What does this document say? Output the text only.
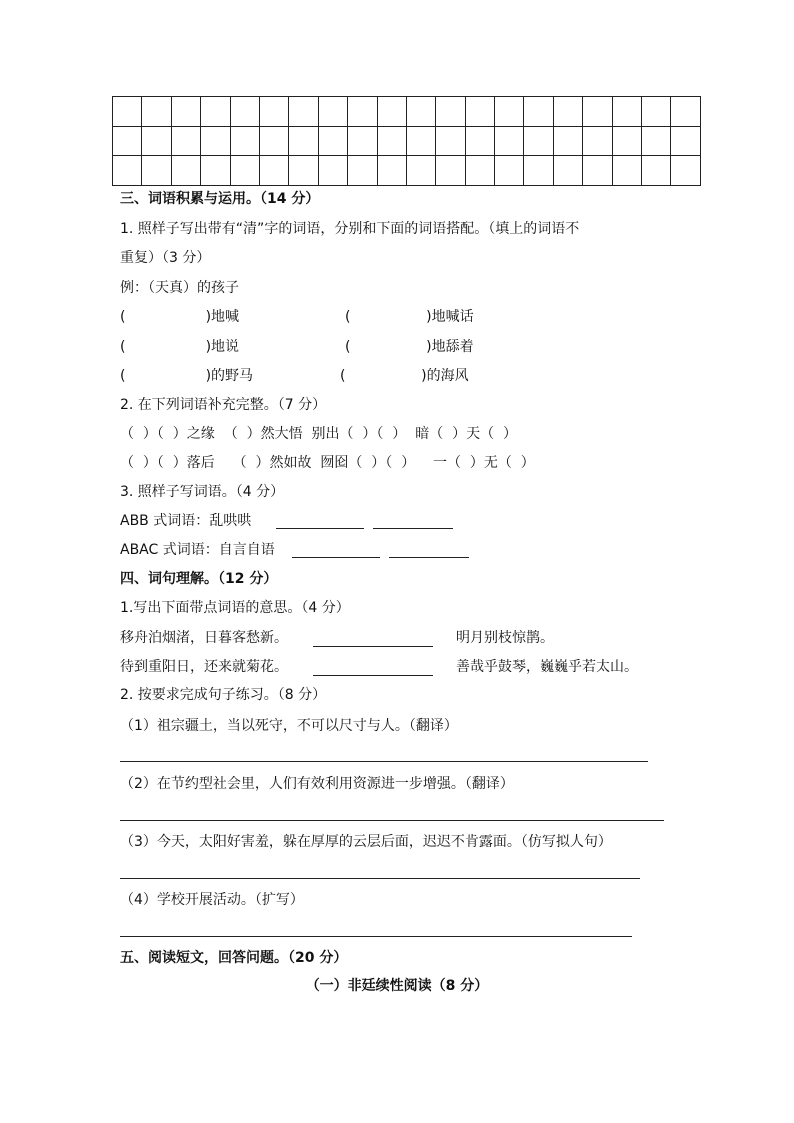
三、词语积累与运用。（14 分）
1. 照样子写出带有“清”字的词语，分别和下面的词语搭配。（填上的词语不
重复）（3 分）
例：（天真）的孩子
(                  )地喊	(                 )地喊话
(                  )地说	(                 )地舔着
(                  )的野马	(                 )的海风
2. 在下列词语补充完整。（7 分）
（  ）（  ）之缘  （  ）然大悟  别出（  ）（  ）  暗（  ）天（  ）
（  ）（  ）落后    （  ）然如故  囫囵（  ）（  ）    一（  ）无（  ）
3. 照样子写词语。（4 分）
ABB 式词语：乱哄哄
ABAC 式词语：自言自语
四、词句理解。（12 分）
1.写出下面带点词语的意思。（4 分）
移舟泊烟渚，日暮客愁新。	明月别枝惊鹊。
待到重阳日，还来就菊花。	善哉乎鼓琴，巍巍乎若太山。
2. 按要求完成句子练习。（8 分）
（1）祖宗疆土，当以死守，不可以尺寸与人。（翻译）
（2）在节约型社会里，人们有效利用资源进一步增强。（翻译）
（3）今天，太阳好害羞，躲在厚厚的云层后面，迟迟不肯露面。（仿写拟人句）
（4）学校开展活动。（扩写）
五、阅读短文，回答问题。（20 分）
（一）非廷续性阅读（8 分）
